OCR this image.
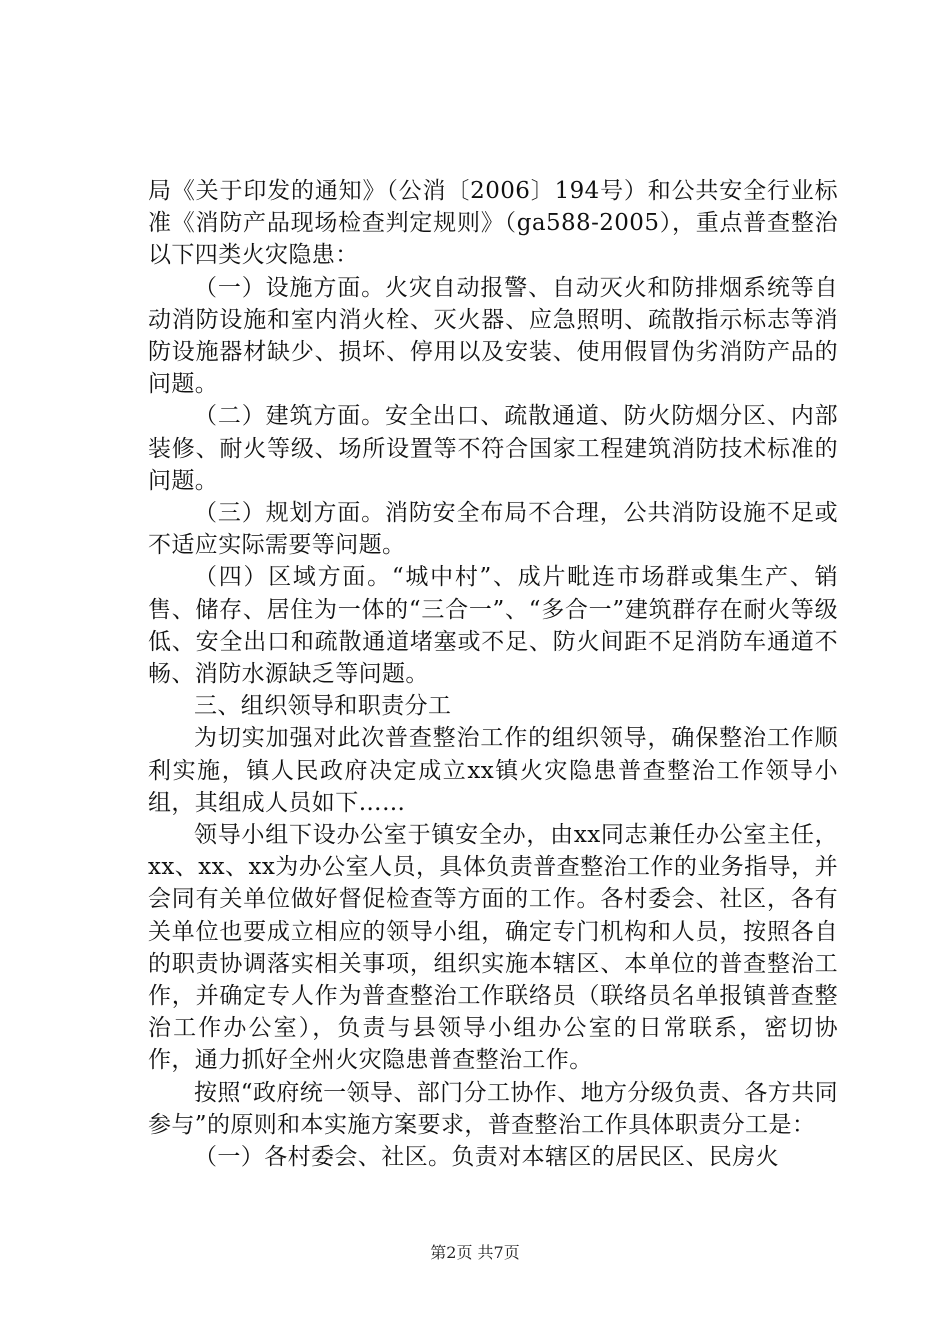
局《关于印发的通知》（公消〔2006〕194号）和公共安全行业标准《消防产品现场检查判定规则》（ga588-2005），重点普查整治以下四类火灾隐患：

（一）设施方面。火灾自动报警、自动灭火和防排烟系统等自动消防设施和室内消火栓、灭火器、应急照明、疏散指示标志等消防设施器材缺少、损坏、停用以及安装、使用假冒伪劣消防产品的问题。

（二）建筑方面。安全出口、疏散通道、防火防烟分区、内部装修、耐火等级、场所设置等不符合国家工程建筑消防技术标准的问题。

（三）规划方面。消防安全布局不合理，公共消防设施不足或不适应实际需要等问题。

（四）区域方面。“城中村”、成片毗连市场群或集生产、销售、储存、居住为一体的“三合一”、“多合一”建筑群存在耐火等级低、安全出口和疏散通道堵塞或不足、防火间距不足消防车通道不畅、消防水源缺乏等问题。

三、组织领导和职责分工

为切实加强对此次普查整治工作的组织领导，确保整治工作顺利实施，镇人民政府决定成立xx镇火灾隐患普查整治工作领导小组，其组成人员如下……

领导小组下设办公室于镇安全办，由xx同志兼任办公室主任，xx、xx、xx为办公室人员，具体负责普查整治工作的业务指导，并会同有关单位做好督促检查等方面的工作。各村委会、社区，各有关单位也要成立相应的领导小组，确定专门机构和人员，按照各自的职责协调落实相关事项，组织实施本辖区、本单位的普查整治工作，并确定专人作为普查整治工作联络员（联络员名单报镇普查整治工作办公室），负责与县领导小组办公室的日常联系，密切协作，通力抓好全州火灾隐患普查整治工作。

按照“政府统一领导、部门分工协作、地方分级负责、各方共同参与”的原则和本实施方案要求，普查整治工作具体职责分工是：

（一）各村委会、社区。负责对本辖区的居民区、民房火

第2页 共7页
